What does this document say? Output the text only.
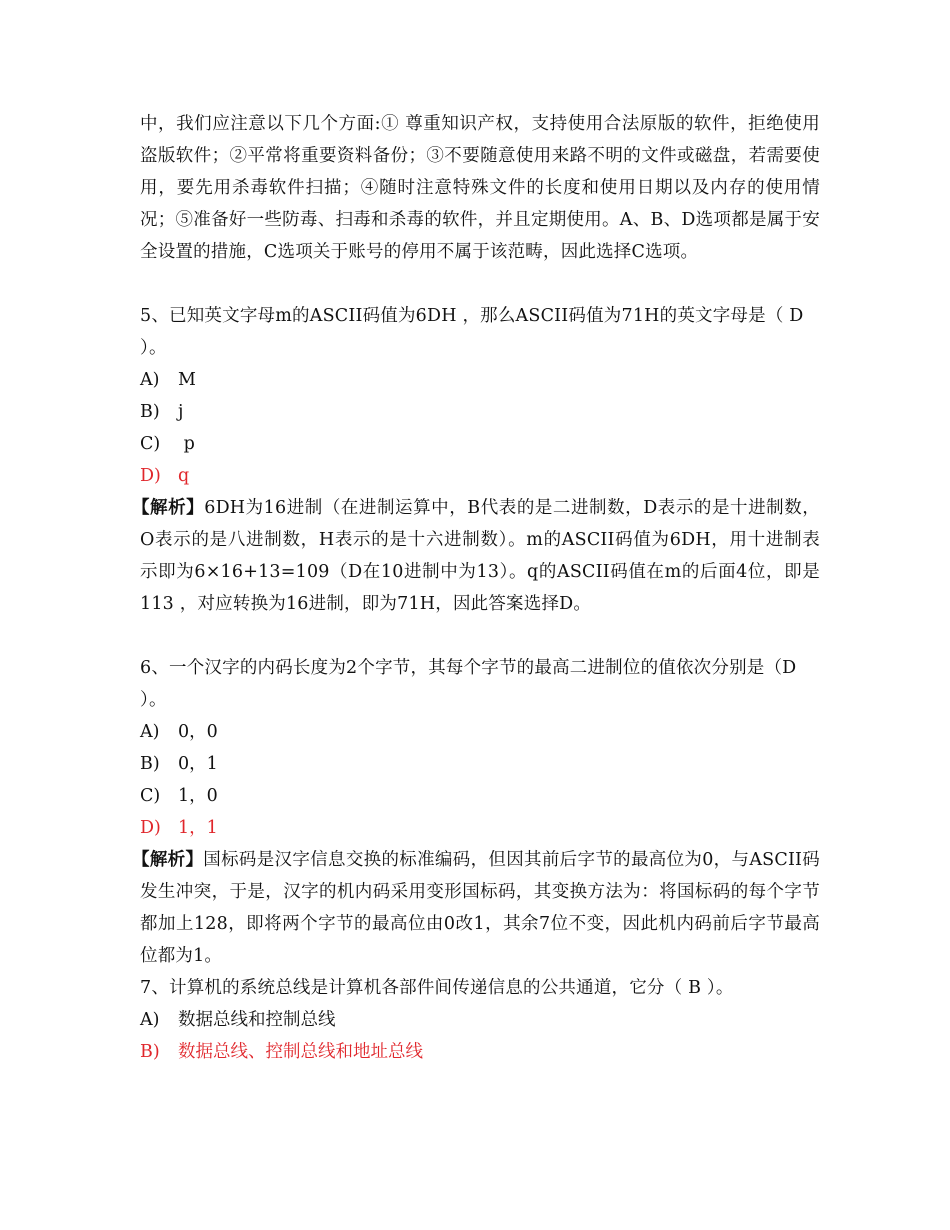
中，我们应注意以下几个方面:① 尊重知识产权，支持使用合法原版的软件，拒绝使用盗版软件；②平常将重要资料备份；③不要随意使用来路不明的文件或磁盘，若需要使用，要先用杀毒软件扫描；④随时注意特殊文件的长度和使用日期以及内存的使用情况；⑤准备好一些防毒、扫毒和杀毒的软件，并且定期使用。A、B、D选项都是属于安全设置的措施，C选项关于账号的停用不属于该范畴，因此选择C选项。

5、已知英文字母m的ASCII码值为6DH ，那么ASCII码值为71H的英文字母是（ D ）。

A) M
B) j
C) p
D) q

【解析】6DH为16进制（在进制运算中，B代表的是二进制数，D表示的是十进制数，O表示的是八进制数，H表示的是十六进制数）。m的ASCII码值为6DH，用十进制表示即为6×16+13=109（D在10进制中为13）。q的ASCII码值在m的后面4位，即是113 ，对应转换为16进制，即为71H，因此答案选择D。

6、一个汉字的内码长度为2个字节，其每个字节的最高二进制位的值依次分别是（D ）。

A) 0，0
B) 0，1
C) 1，0
D) 1，1

【解析】国标码是汉字信息交换的标准编码，但因其前后字节的最高位为0，与ASCII码发生冲突，于是，汉字的机内码采用变形国标码，其变换方法为：将国标码的每个字节都加上128，即将两个字节的最高位由0改1，其余7位不变，因此机内码前后字节最高位都为1。

7、计算机的系统总线是计算机各部件间传递信息的公共通道，它分（ B ）。

A) 数据总线和控制总线
B) 数据总线、控制总线和地址总线
